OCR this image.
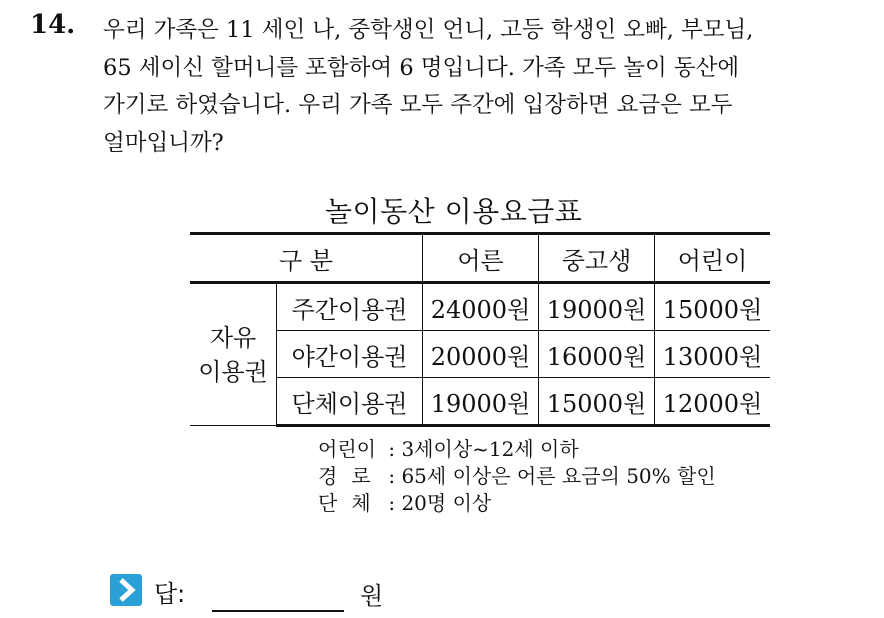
14. 우리 가족은 11 세인 나, 중학생인 언니, 고등 학생인 오빠, 부모님,
65 세이신 할머니를 포함하여 6 명입니다. 가족 모두 놀이 동산에
가기로 하였습니다. 우리 가족 모두 주간에 입장하면 요금은 모두
얼마입니까?
놀이동산 이용요금표
구 분		어른	중고생	어린이

자유
이용권	주간이용권	24000원	19000원	15000원
	야간이용권	20000원	16000원	13000원
	단체이용권	19000원	15000원	12000원
어린이 : 3세이상~12세 이하
경로 : 65세 이상은 어른 요금의 50% 할인
단체 : 20명 이상
답:	원
